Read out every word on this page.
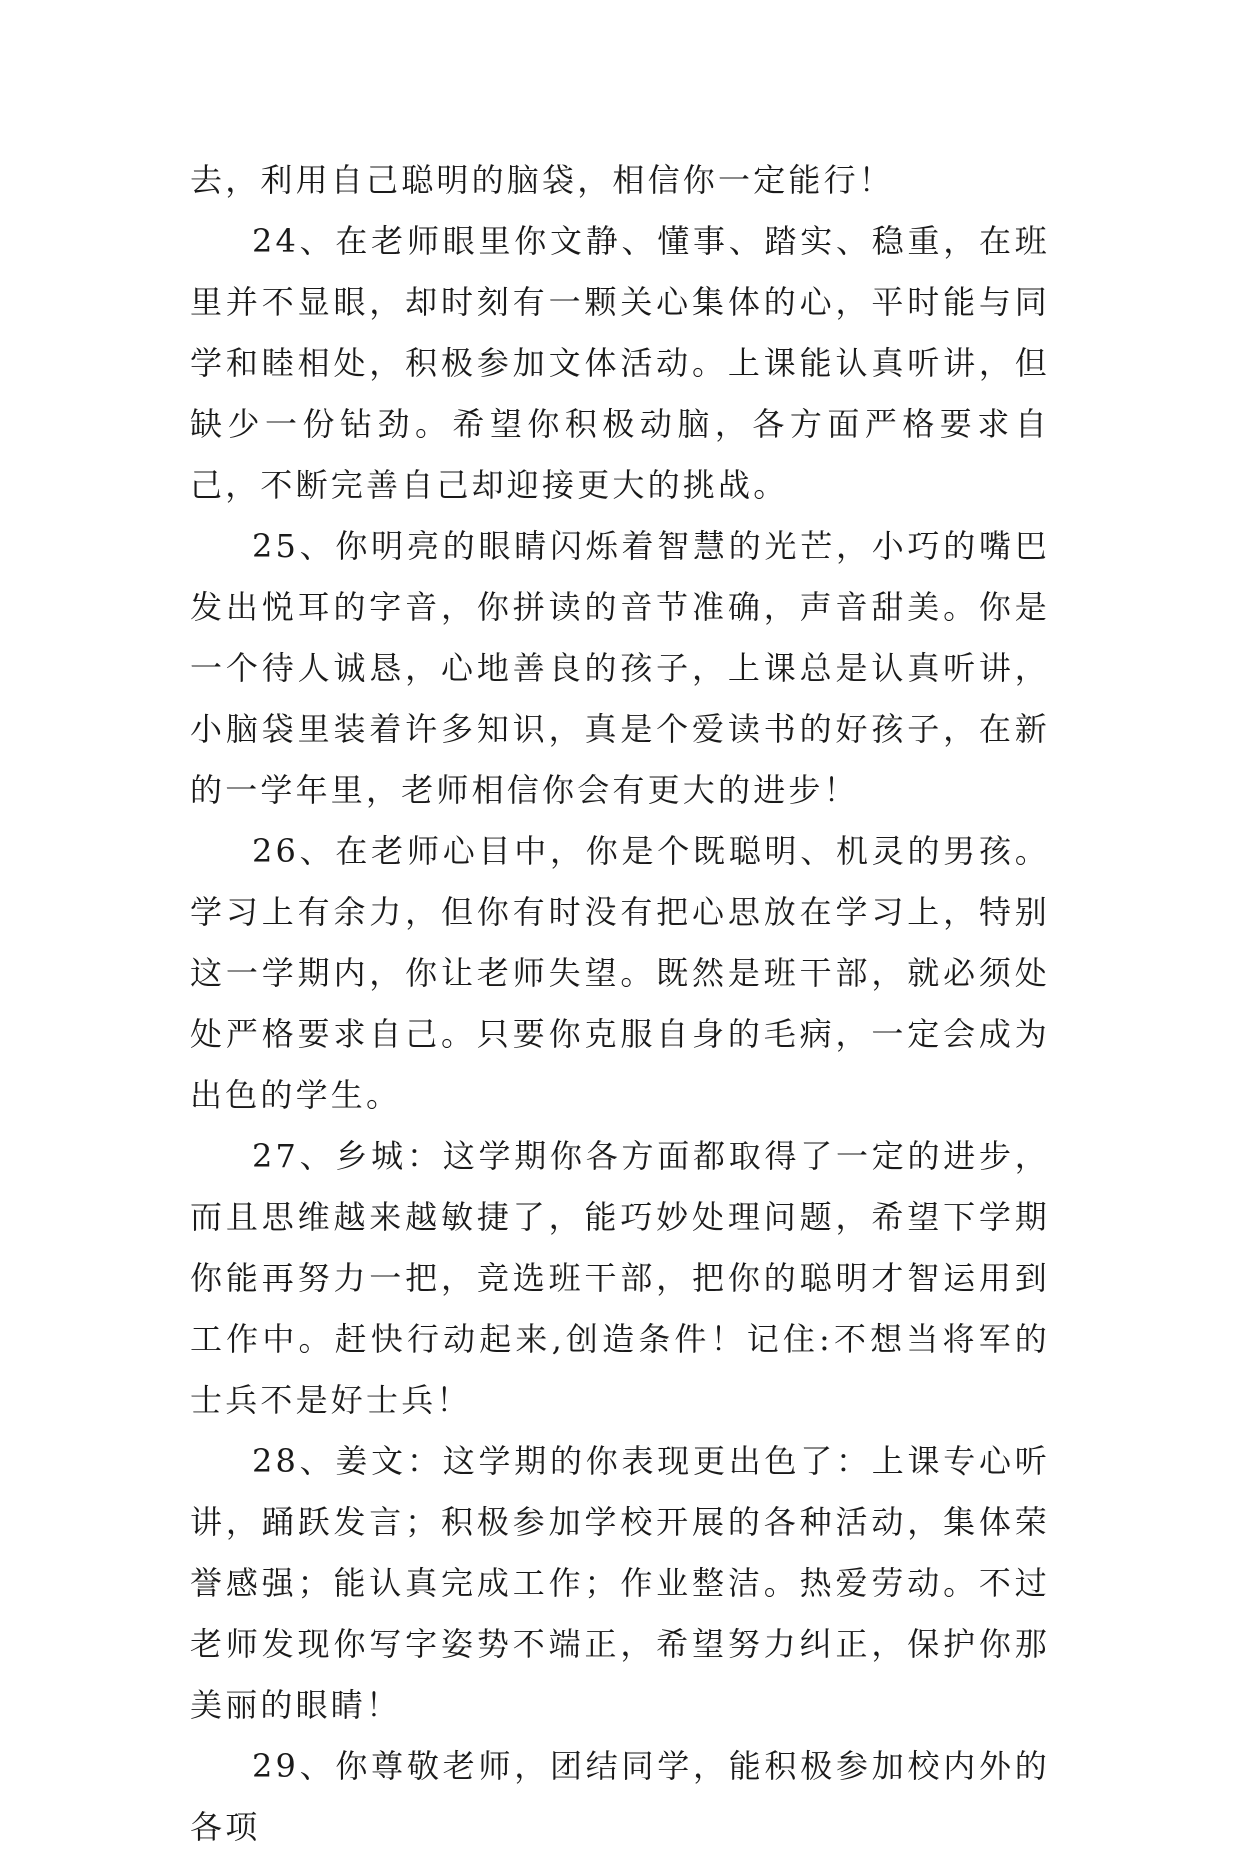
去，利用自己聪明的脑袋，相信你一定能行！

24、在老师眼里你文静、懂事、踏实、稳重，在班里并不显眼，却时刻有一颗关心集体的心，平时能与同学和睦相处，积极参加文体活动。上课能认真听讲，但缺少一份钻劲。希望你积极动脑，各方面严格要求自己，不断完善自己却迎接更大的挑战。

25、你明亮的眼睛闪烁着智慧的光芒，小巧的嘴巴发出悦耳的字音，你拼读的音节准确，声音甜美。你是一个待人诚恳，心地善良的孩子，上课总是认真听讲，小脑袋里装着许多知识，真是个爱读书的好孩子，在新的一学年里，老师相信你会有更大的进步！

26、在老师心目中，你是个既聪明、机灵的男孩。学习上有余力，但你有时没有把心思放在学习上，特别这一学期内，你让老师失望。既然是班干部，就必须处处严格要求自己。只要你克服自身的毛病，一定会成为出色的学生。

27、乡城：这学期你各方面都取得了一定的进步，而且思维越来越敏捷了，能巧妙处理问题，希望下学期你能再努力一把，竞选班干部，把你的聪明才智运用到工作中。赶快行动起来,创造条件！记住:不想当将军的士兵不是好士兵！

28、姜文：这学期的你表现更出色了：上课专心听讲，踊跃发言；积极参加学校开展的各种活动，集体荣誉感强；能认真完成工作；作业整洁。热爱劳动。不过老师发现你写字姿势不端正，希望努力纠正，保护你那美丽的眼睛！

29、你尊敬老师，团结同学，能积极参加校内外的各项
